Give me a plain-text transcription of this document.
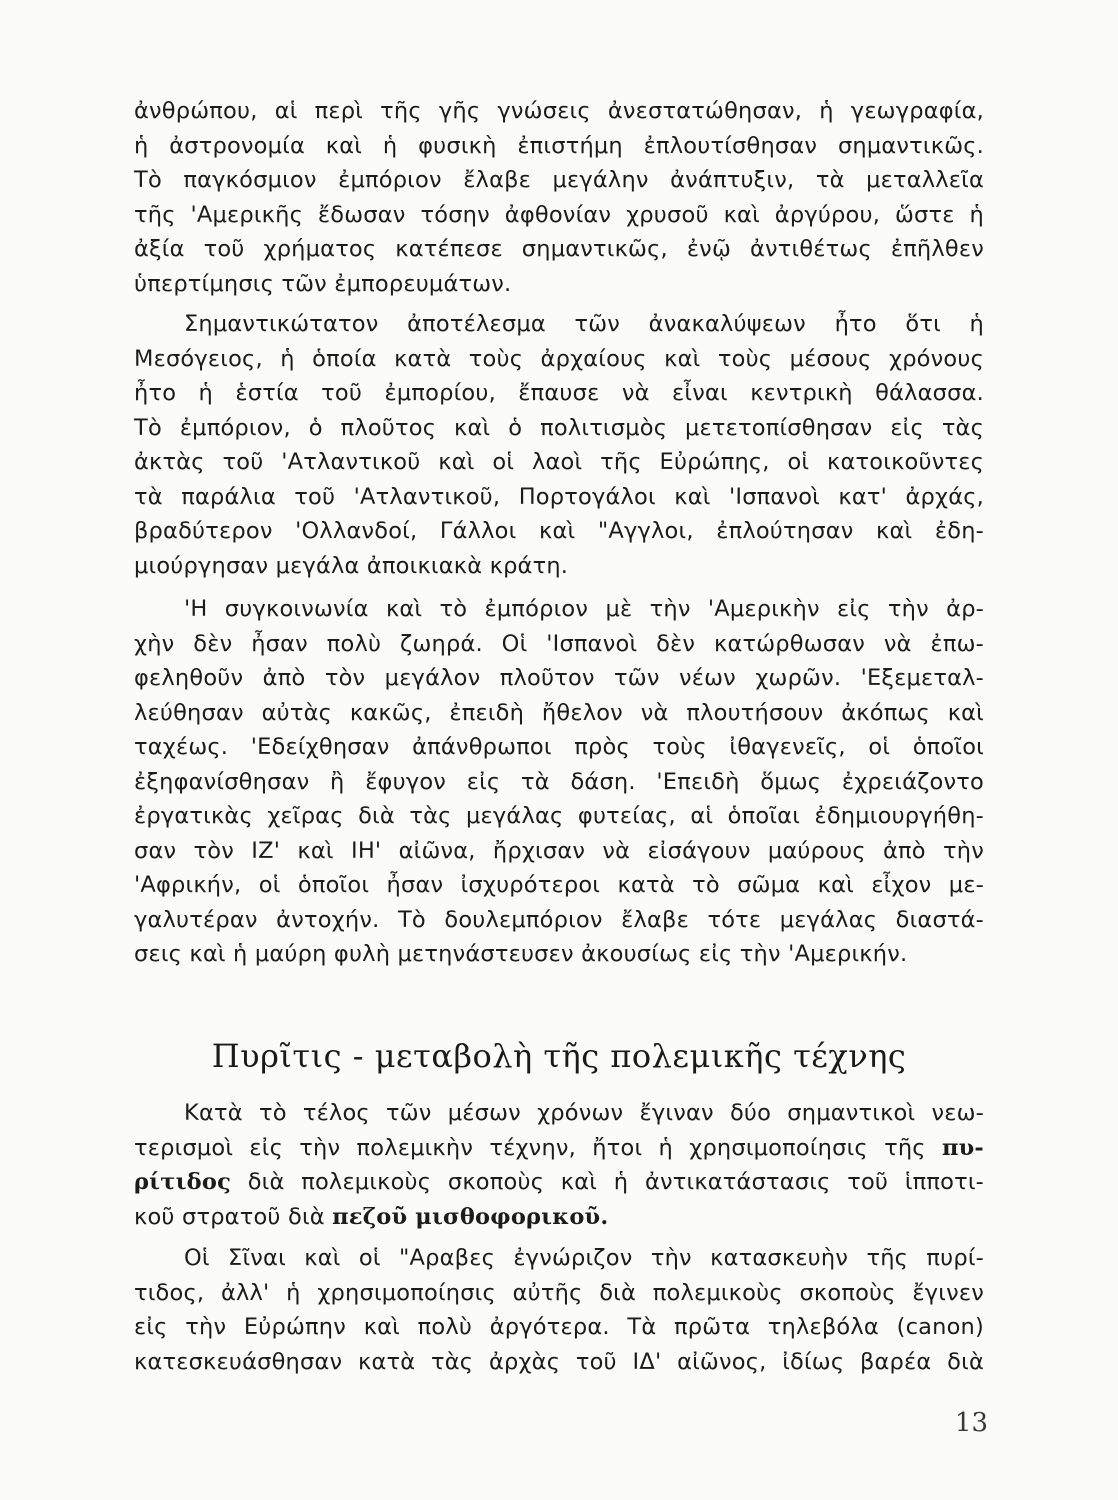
ἀνθρώπου, αἱ περὶ τῆς γῆς γνώσεις ἀνεστατώθησαν, ἡ γεωγραφία,
ἡ ἀστρονομία καὶ ἡ φυσικὴ ἐπιστήμη ἐπλουτίσθησαν σημαντικῶς.
Τὸ παγκόσμιον ἐμπόριον ἔλαβε μεγάλην ἀνάπτυξιν, τὰ μεταλλεῖα
τῆς 'Αμερικῆς ἔδωσαν τόσην ἀφθονίαν χρυσοῦ καὶ ἀργύρου, ὥστε ἡ
ἀξία τοῦ χρήματος κατέπεσε σημαντικῶς, ἐνῷ ἀντιθέτως ἐπῆλθεν
ὑπερτίμησις τῶν ἐμπορευμάτων.
Σημαντικώτατον ἀποτέλεσμα τῶν ἀνακαλύψεων ἦτο ὅτι ἡ
Μεσόγειος, ἡ ὁποία κατὰ τοὺς ἀρχαίους καὶ τοὺς μέσους χρόνους
ἦτο ἡ ἑστία τοῦ ἐμπορίου, ἔπαυσε νὰ εἶναι κεντρικὴ θάλασσα.
Τὸ ἐμπόριον, ὁ πλοῦτος καὶ ὁ πολιτισμὸς μετετοπίσθησαν εἰς τὰς
ἀκτὰς τοῦ 'Ατλαντικοῦ καὶ οἱ λαοὶ τῆς Εὐρώπης, οἱ κατοικοῦντες
τὰ παράλια τοῦ 'Ατλαντικοῦ, Πορτογάλοι καὶ 'Ισπανοὶ κατ' ἀρχάς,
βραδύτερον 'Ολλανδοί, Γάλλοι καὶ "Αγγλοι, ἐπλούτησαν καὶ ἐδη-
μιούργησαν μεγάλα ἀποικιακὰ κράτη.
'Η συγκοινωνία καὶ τὸ ἐμπόριον μὲ τὴν 'Αμερικὴν εἰς τὴν ἀρ-
χὴν δὲν ἦσαν πολὺ ζωηρά. Οἱ 'Ισπανοὶ δὲν κατώρθωσαν νὰ ἐπω-
φεληθοῦν ἀπὸ τὸν μεγάλον πλοῦτον τῶν νέων χωρῶν. 'Εξεμεταλ-
λεύθησαν αὐτὰς κακῶς, ἐπειδὴ ἤθελον νὰ πλουτήσουν ἀκόπως καὶ
ταχέως. 'Εδείχθησαν ἀπάνθρωποι πρὸς τοὺς ἰθαγενεῖς, οἱ ὁποῖοι
ἐξηφανίσθησαν ἢ ἔφυγον εἰς τὰ δάση. 'Επειδὴ ὅμως ἐχρειάζοντο
ἐργατικὰς χεῖρας διὰ τὰς μεγάλας φυτείας, αἱ ὁποῖαι ἐδημιουργήθη-
σαν τὸν ΙΖ' καὶ ΙΗ' αἰῶνα, ἤρχισαν νὰ εἰσάγουν μαύρους ἀπὸ τὴν
'Αφρικήν, οἱ ὁποῖοι ἦσαν ἰσχυρότεροι κατὰ τὸ σῶμα καὶ εἶχον με-
γαλυτέραν ἀντοχήν. Τὸ δουλεμπόριον ἔλαβε τότε μεγάλας διαστά-
σεις καὶ ἡ μαύρη φυλὴ μετηνάστευσεν ἀκουσίως εἰς τὴν 'Αμερικήν.
Πυρῖτις - μεταβολὴ τῆς πολεμικῆς τέχνης
Κατὰ τὸ τέλος τῶν μέσων χρόνων ἔγιναν δύο σημαντικοὶ νεω-
τερισμοὶ εἰς τὴν πολεμικὴν τέχνην, ἤτοι ἡ χρησιμοποίησις τῆς πυ-
ρίτιδος διὰ πολεμικοὺς σκοποὺς καὶ ἡ ἀντικατάστασις τοῦ ἱππoτι-
κοῦ στρατοῦ διὰ πεζοῦ μισθοφορικοῦ.
Οἱ Σῖναι καὶ οἱ "Αραβες ἐγνώριζον τὴν κατασκευὴν τῆς πυρί-
τιδος, ἀλλ' ἡ χρησιμοποίησις αὐτῆς διὰ πολεμικοὺς σκοποὺς ἔγινεν
εἰς τὴν Εὐρώπην καὶ πολὺ ἀργότερα. Τὰ πρῶτα τηλεβόλα (canon)
κατεσκευάσθησαν κατὰ τὰς ἀρχὰς τοῦ ΙΔ' αἰῶνος, ἰδίως βαρέα διὰ
13
